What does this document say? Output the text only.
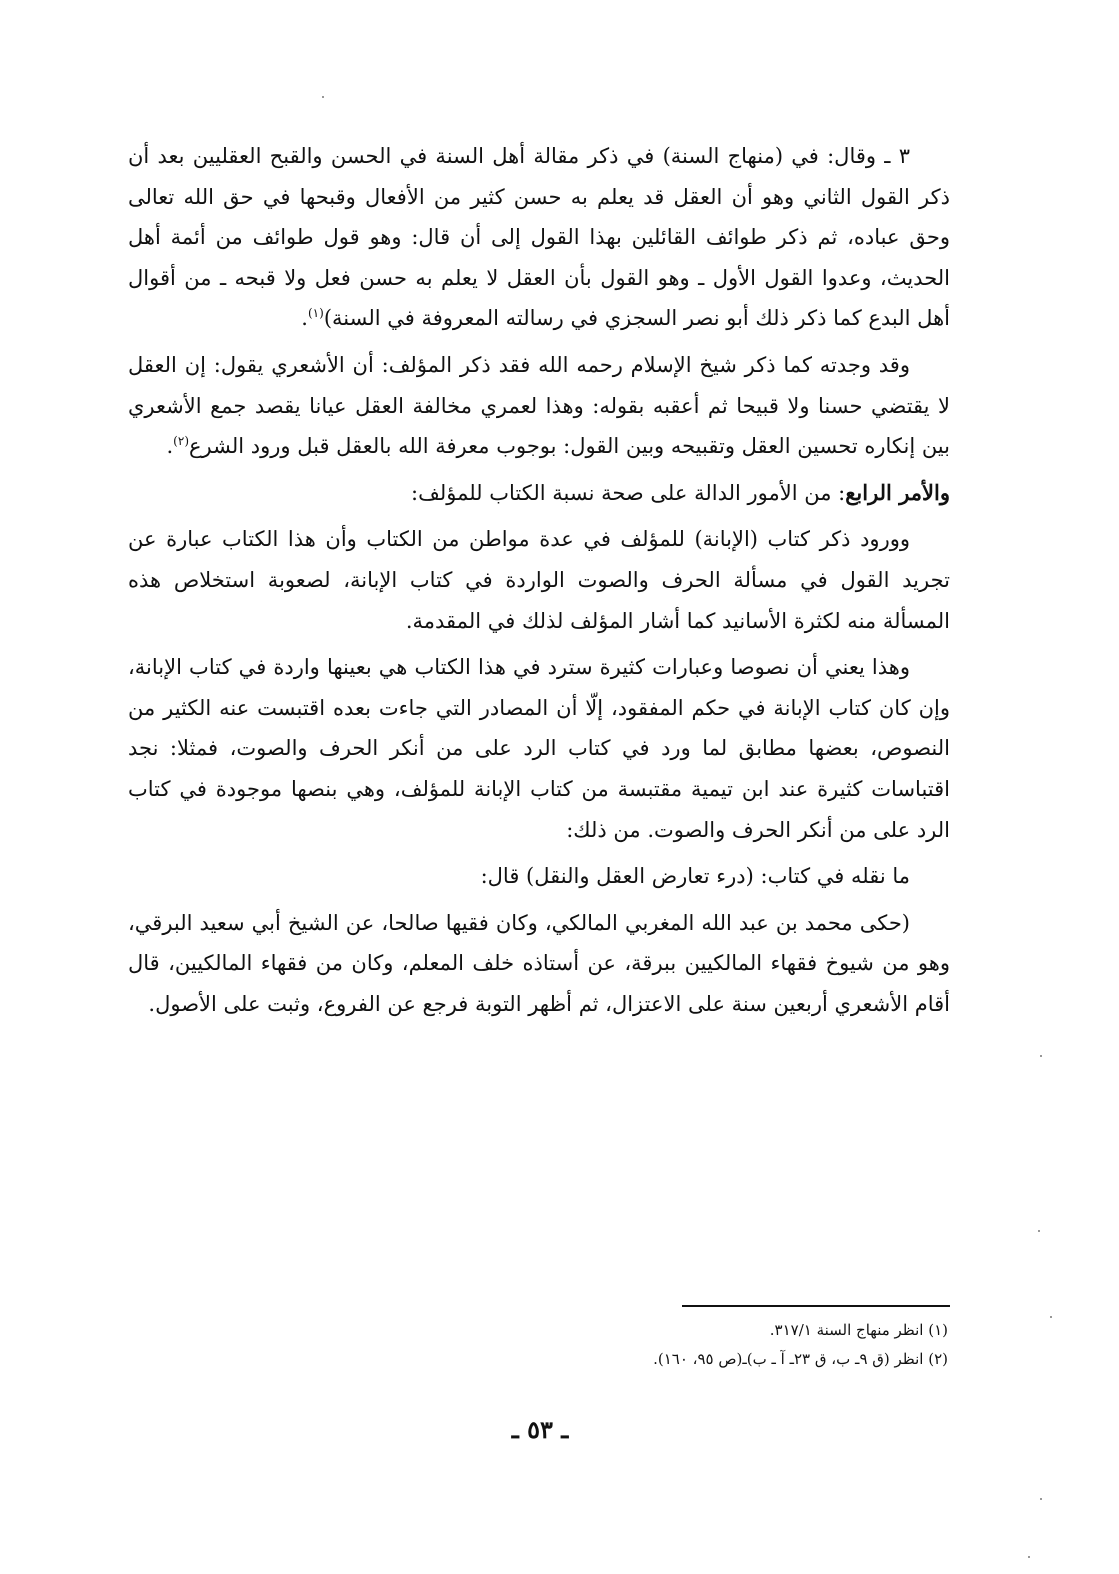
٣ ـ وقال: في (منهاج السنة) في ذكر مقالة أهل السنة في الحسن والقبح العقليين بعد أن ذكر القول الثاني وهو أن العقل قد يعلم به حسن كثير من الأفعال وقبحها في حق الله تعالى وحق عباده، ثم ذكر طوائف القائلين بهذا القول إلى أن قال: وهو قول طوائف من أئمة أهل الحديث، وعدوا القول الأول ـ وهو القول بأن العقل لا يعلم به حسن فعل ولا قبحه ـ من أقوال أهل البدع كما ذكر ذلك أبو نصر السجزي في رسالته المعروفة في السنة)$^{(١)}$.

وقد وجدته كما ذكر شيخ الإسلام رحمه الله فقد ذكر المؤلف: أن الأشعري يقول: إن العقل لا يقتضي حسنا ولا قبيحا ثم أعقبه بقوله: وهذا لعمري مخالفة العقل عيانا يقصد جمع الأشعري بين إنكاره تحسين العقل وتقبيحه وبين القول: بوجوب معرفة الله بالعقل قبل ورود الشرع$^{(٢)}$.

والأمر الرابع: من الأمور الدالة على صحة نسبة الكتاب للمؤلف:

وورود ذكر كتاب (الإبانة) للمؤلف في عدة مواطن من الكتاب وأن هذا الكتاب عبارة عن تجريد القول في مسألة الحرف والصوت الواردة في كتاب الإبانة، لصعوبة استخلاص هذه المسألة منه لكثرة الأسانيد كما أشار المؤلف لذلك في المقدمة.

وهذا يعني أن نصوصا وعبارات كثيرة سترد في هذا الكتاب هي بعينها واردة في كتاب الإبانة، وإن كان كتاب الإبانة في حكم المفقود، إلّا أن المصادر التي جاءت بعده اقتبست عنه الكثير من النصوص، بعضها مطابق لما ورد في كتاب الرد على من أنكر الحرف والصوت، فمثلا: نجد اقتباسات كثيرة عند ابن تيمية مقتبسة من كتاب الإبانة للمؤلف، وهي بنصها موجودة في كتاب الرد على من أنكر الحرف والصوت. من ذلك:

ما نقله في كتاب: (درء تعارض العقل والنقل) قال:

(حكى محمد بن عبد الله المغربي المالكي، وكان فقيها صالحا، عن الشيخ أبي سعيد البرقي، وهو من شيوخ فقهاء المالكيين ببرقة، عن أستاذه خلف المعلم، وكان من فقهاء المالكيين، قال أقام الأشعري أربعين سنة على الاعتزال، ثم أظهر التوبة فرجع عن الفروع، وثبت على الأصول.

(١) انظر منهاج السنة ٣١٧/١.
(٢) انظر (ق ٩ـ ب، ق ٢٣ـ آ ـ ب)ـ(ص ٩٥، ١٦٠).
ـ ٥٣ ـ
